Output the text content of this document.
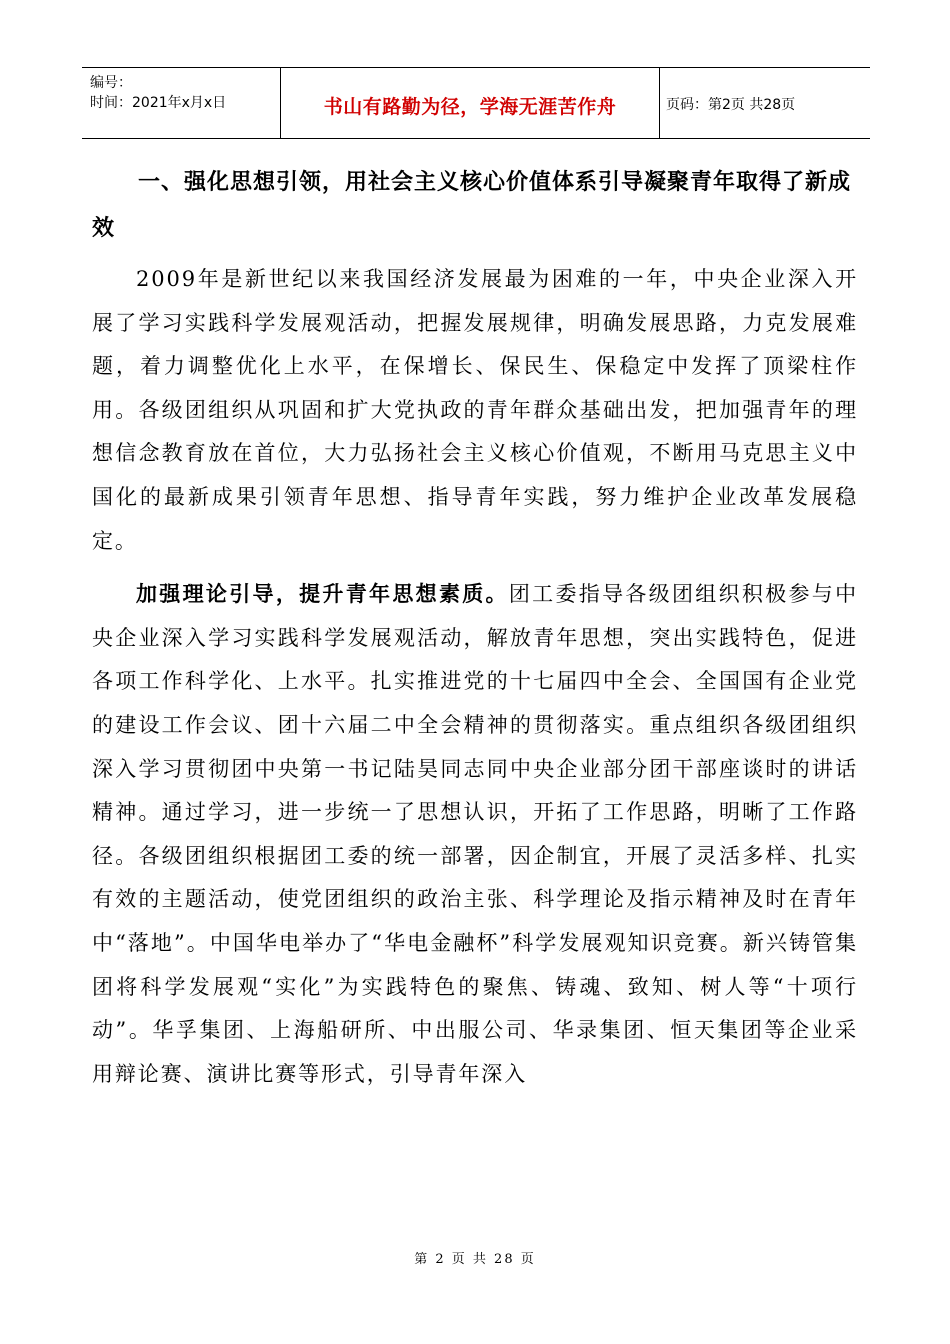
编号：
时间：2021年x月x日	书山有路勤为径，学海无涯苦作舟	页码：第2页 共28页

一、强化思想引领，用社会主义核心价值体系引导凝聚青年取得了新成效

2009年是新世纪以来我国经济发展最为困难的一年，中央企业深入开展了学习实践科学发展观活动，把握发展规律，明确发展思路，力克发展难题，着力调整优化上水平，在保增长、保民生、保稳定中发挥了顶梁柱作用。各级团组织从巩固和扩大党执政的青年群众基础出发，把加强青年的理想信念教育放在首位，大力弘扬社会主义核心价值观，不断用马克思主义中国化的最新成果引领青年思想、指导青年实践，努力维护企业改革发展稳定。

加强理论引导，提升青年思想素质。团工委指导各级团组织积极参与中央企业深入学习实践科学发展观活动，解放青年思想，突出实践特色，促进各项工作科学化、上水平。扎实推进党的十七届四中全会、全国国有企业党的建设工作会议、团十六届二中全会精神的贯彻落实。重点组织各级团组织深入学习贯彻团中央第一书记陆昊同志同中央企业部分团干部座谈时的讲话精神。通过学习，进一步统一了思想认识，开拓了工作思路，明晰了工作路径。各级团组织根据团工委的统一部署，因企制宜，开展了灵活多样、扎实有效的主题活动，使党团组织的政治主张、科学理论及指示精神及时在青年中“落地”。中国华电举办了“华电金融杯”科学发展观知识竞赛。新兴铸管集团将科学发展观“实化”为实践特色的聚焦、铸魂、致知、树人等“十项行动”。华孚集团、上海船研所、中出服公司、华录集团、恒天集团等企业采用辩论赛、演讲比赛等形式，引导青年深入

第 2 页 共 28 页
